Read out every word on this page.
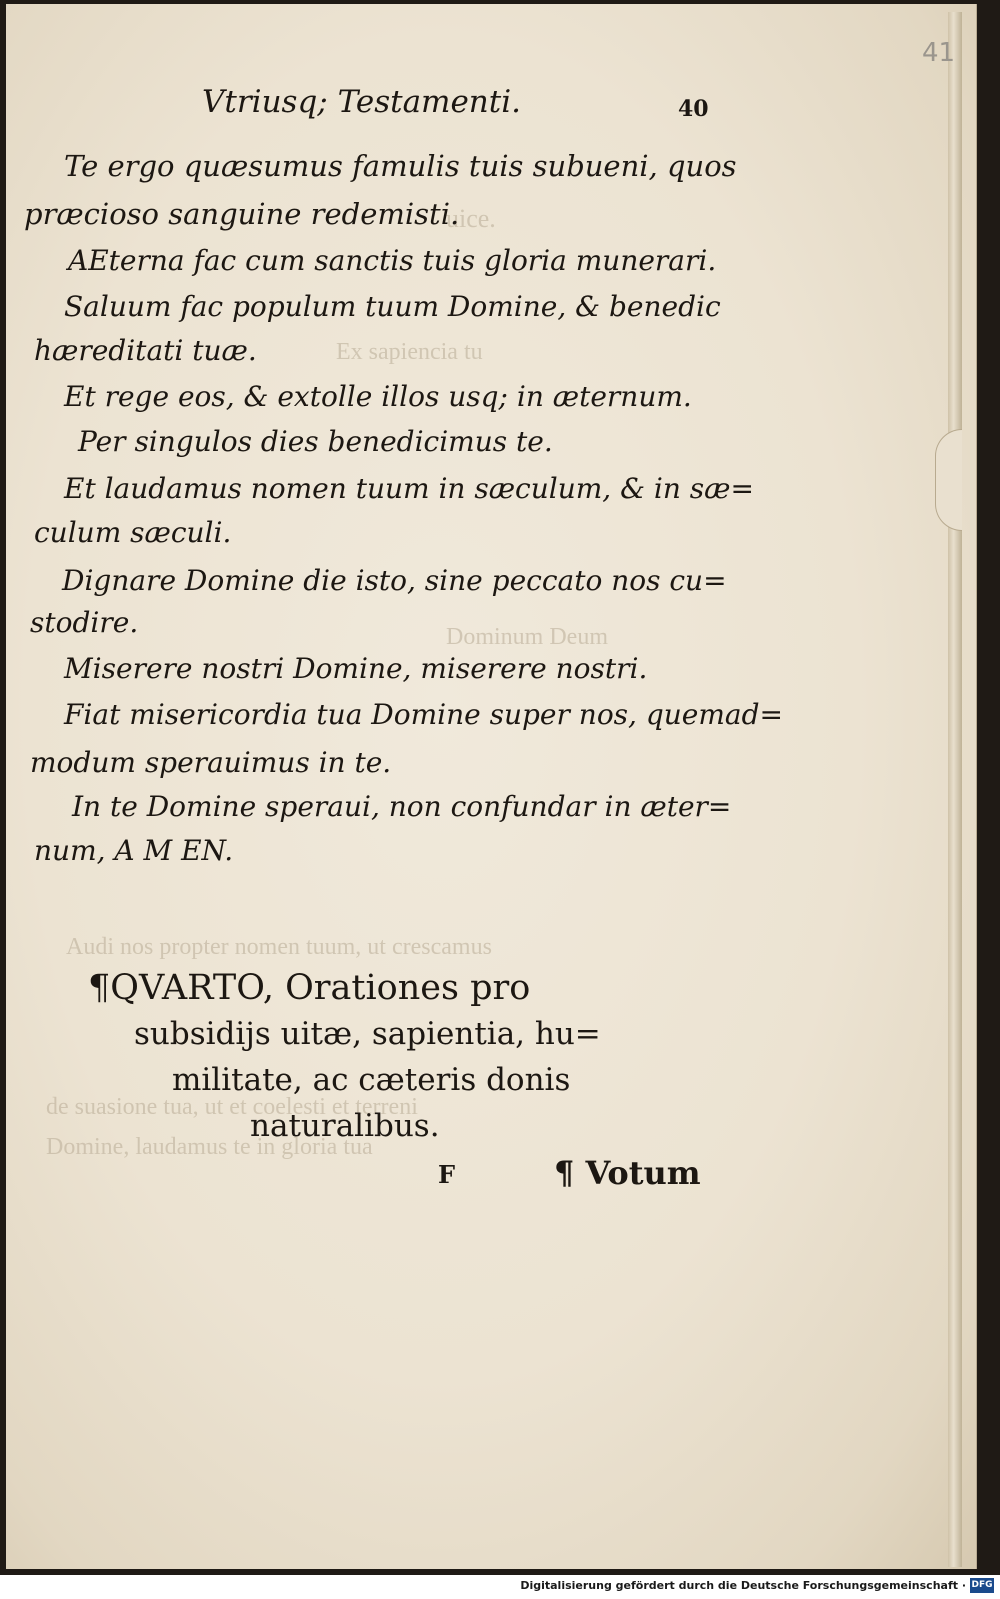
uice.
Ex sapiencia tu
Dominum Deum
Audi nos propter nomen tuum, ut crescamus
de suasione tua, ut et coelesti et terreni
Domine, laudamus te in gloria tua
41
Vtriusq; Testamenti.	40
Te ergo quæsumus famulis tuis subueni, quos
præcioso sanguine redemisti.
AEterna fac cum sanctis tuis gloria munerari.
Saluum fac populum tuum Domine, & benedic
hæreditati tuæ.
Et rege eos, & extolle illos usq; in æternum.
Per singulos dies benedicimus te.
Et laudamus nomen tuum in sæculum, & in sæ=
culum sæculi.
Dignare Domine die isto, sine peccato nos cu=
stodire.
Miserere nostri Domine, miserere nostri.
Fiat misericordia tua Domine super nos, quemad=
modum sperauimus in te.
In te Domine speraui, non confundar in æter=
num, A M EN.
¶QVARTO, Orationes pro
subsidijs uitæ, sapientia, hu=
militate, ac cæteris donis
naturalibus.
F	¶ Votum
Digitalisierung gefördert durch die Deutsche Forschungsgemeinschaft · DFG
